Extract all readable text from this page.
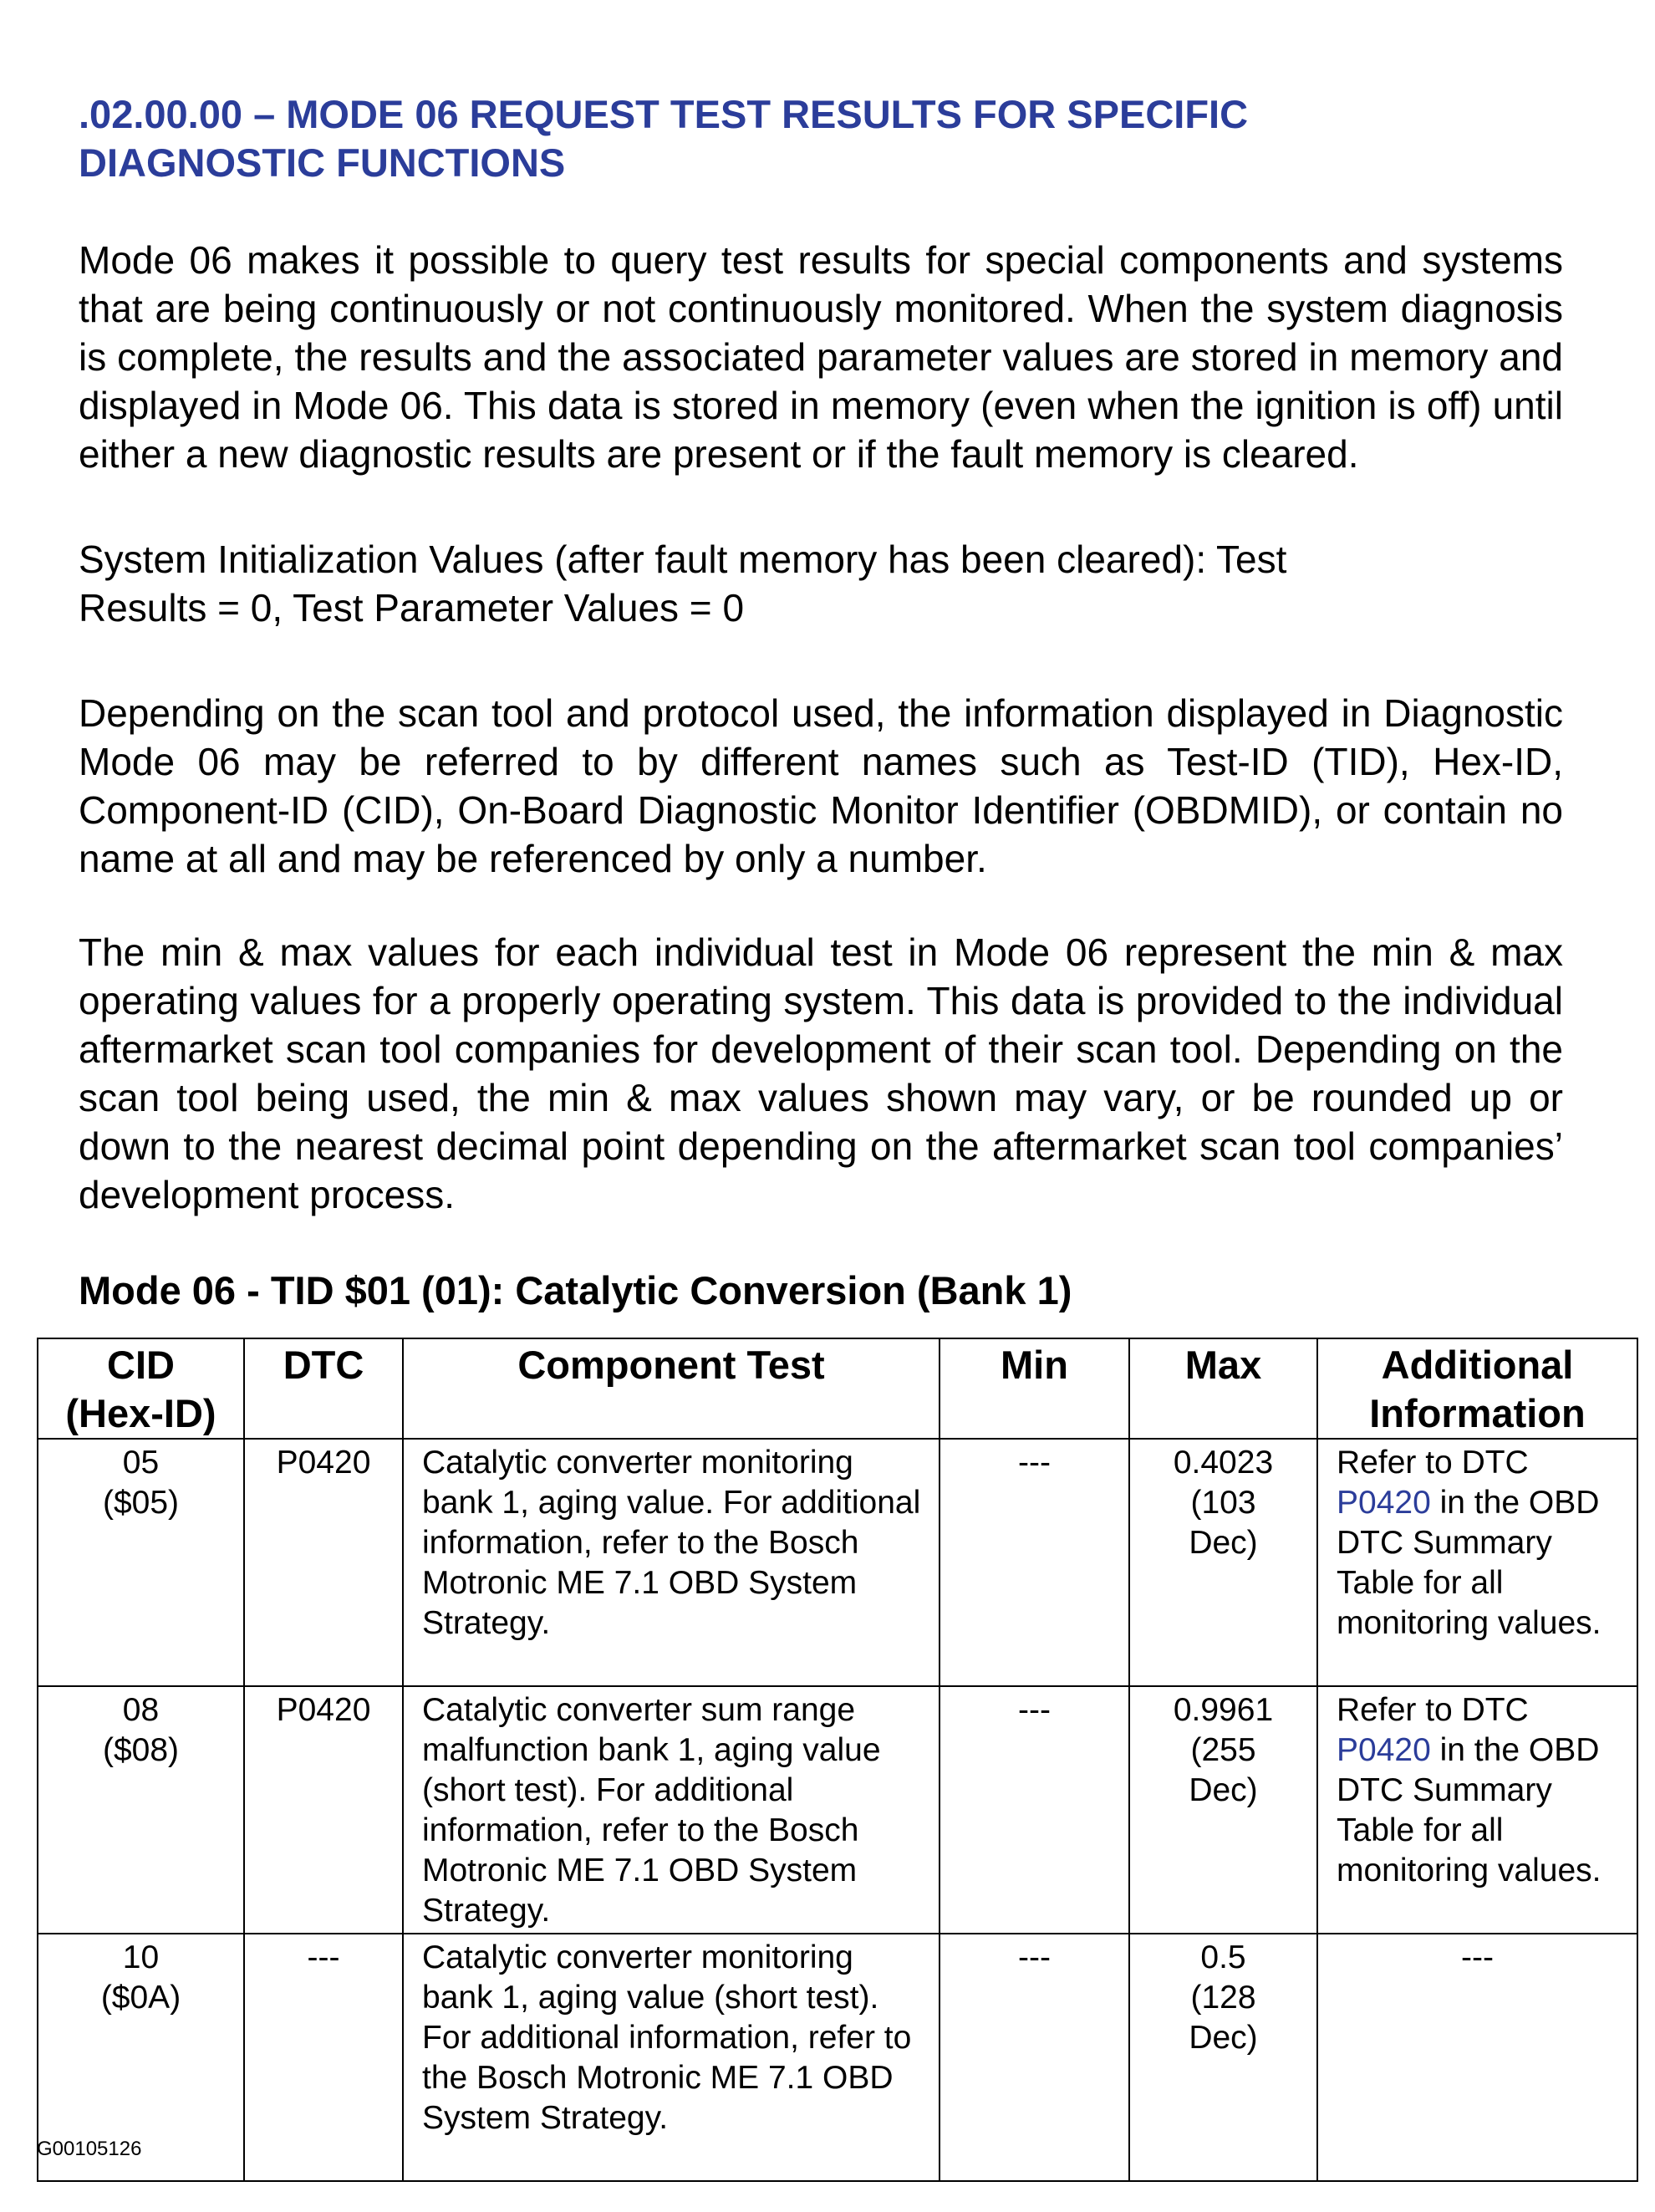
.02.00.00 – MODE 06 REQUEST TEST RESULTS FOR SPECIFIC
DIAGNOSTIC FUNCTIONS

Mode 06 makes it possible to query test results for special components and systems that are being continuously or not continuously monitored. When the system diagnosis is complete, the results and the associated parameter values are stored in memory and displayed in Mode 06. This data is stored in memory (even when the ignition is off) until either a new diagnostic results are present or if the fault memory is cleared.

System Initialization Values (after fault memory has been cleared): Test
Results = 0, Test Parameter Values = 0

Depending on the scan tool and protocol used, the information displayed in Diagnostic Mode 06 may be referred to by different names such as Test-ID (TID), Hex-ID, Component-ID (CID), On-Board Diagnostic Monitor Identifier (OBDMID), or contain no name at all and may be referenced by only a number.

The min & max values for each individual test in Mode 06 represent the min & max operating values for a properly operating system. This data is provided to the individual aftermarket scan tool companies for development of their scan tool. Depending on the scan tool being used, the min & max values shown may vary, or be rounded up or down to the nearest decimal point depending on the aftermarket scan tool companies’ development process.

Mode 06 - TID $01 (01): Catalytic Conversion (Bank 1)
CID
(Hex-ID)	DTC	Component Test	Min	Max	Additional
Information

05
($05)	P0420	Catalytic converter monitoring bank 1, aging value. For additional information, refer to the Bosch Motronic ME 7.1 OBD System Strategy.	---	0.4023
(103
Dec)	Refer to DTC
P0420 in the OBD DTC Summary Table for all monitoring values.

08
($08)	P0420	Catalytic converter sum range malfunction bank 1, aging value (short test). For additional information, refer to the Bosch Motronic ME 7.1 OBD System Strategy.	---	0.9961
(255
Dec)	Refer to DTC
P0420 in the OBD DTC Summary Table for all monitoring values.

10
($0A)	---	Catalytic converter monitoring bank 1, aging value (short test). For additional information, refer to the Bosch Motronic ME 7.1 OBD System Strategy.	---	0.5
(128
Dec)	---
G00105126
